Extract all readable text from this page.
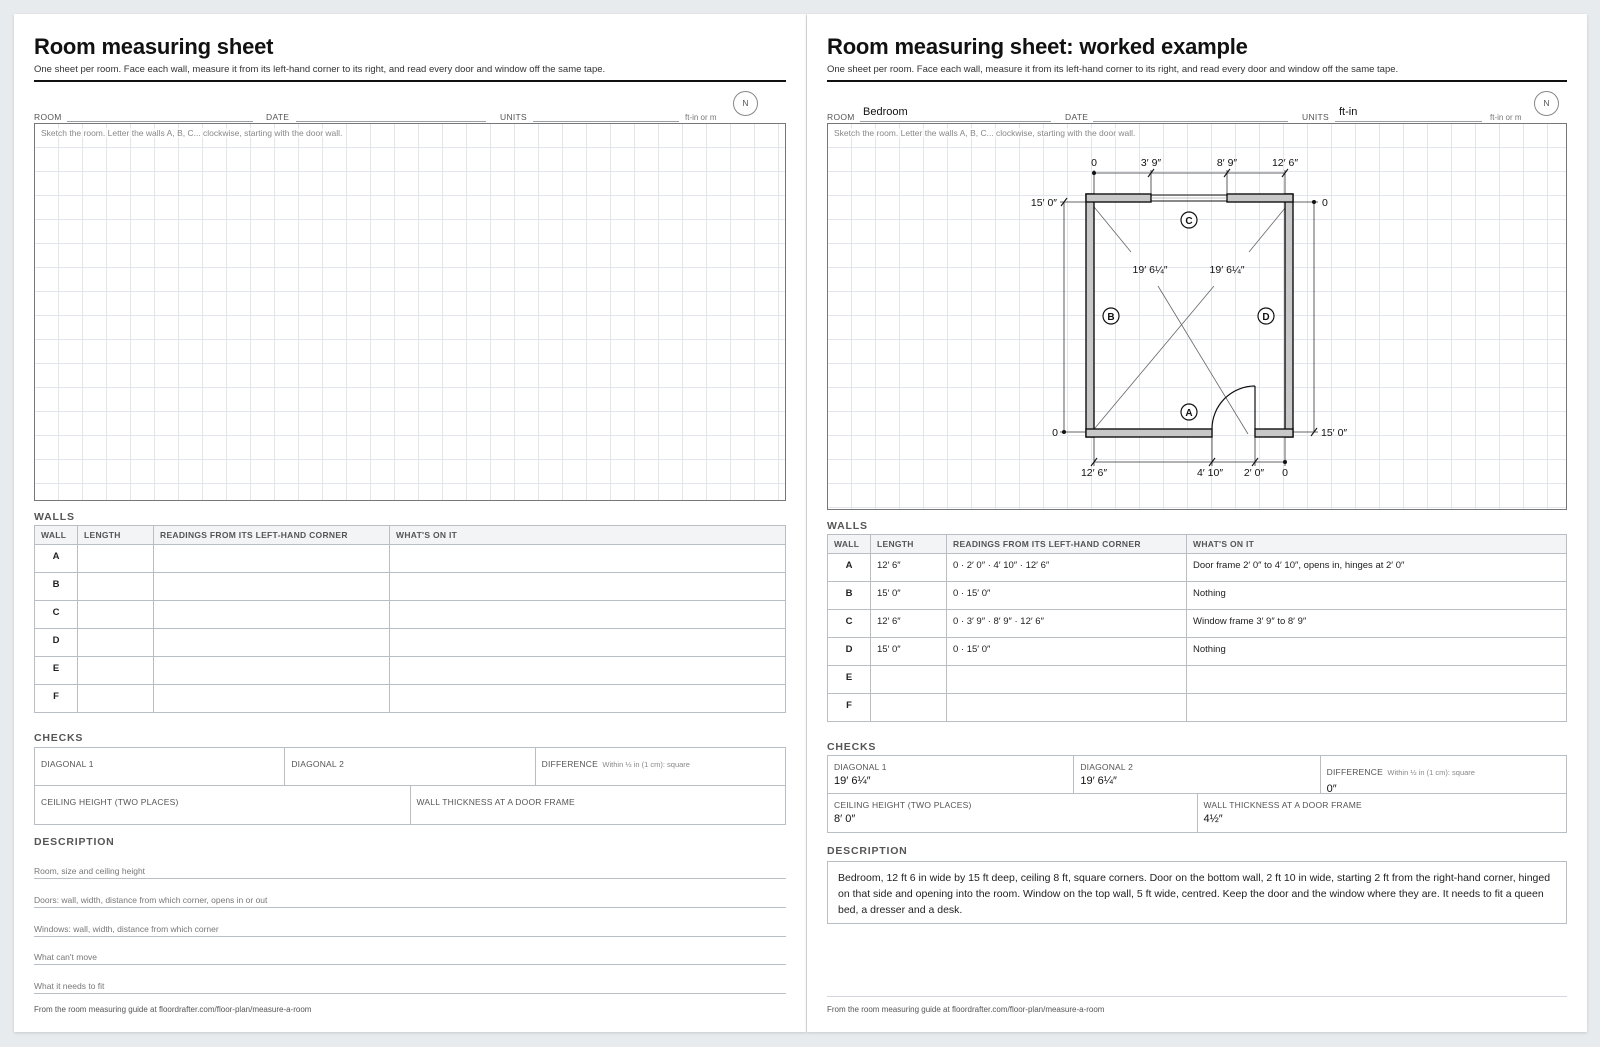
Room measuring sheet
One sheet per room. Face each wall, measure it from its left-hand corner to its right, and read every door and window off the same tape.
ROOM	DATE	UNITS	ft-in or m
N
Sketch the room. Letter the walls A, B, C... clockwise, starting with the door wall.
WALLS
WALL	LENGTH	READINGS FROM ITS LEFT-HAND CORNER	WHAT'S ON IT
A			
B			
C			
D			
E			
F			
CHECKS
DIAGONAL 1	DIAGONAL 2	DIFFERENCE Within ½ in (1 cm): square
CEILING HEIGHT (TWO PLACES)	WALL THICKNESS AT A DOOR FRAME
DESCRIPTION
Room, size and ceiling height
Doors: wall, width, distance from which corner, opens in or out
Windows: wall, width, distance from which corner
What can't move
What it needs to fit
From the room measuring guide at floordrafter.com/floor-plan/measure-a-room
Room measuring sheet: worked example
One sheet per room. Face each wall, measure it from its left-hand corner to its right, and read every door and window off the same tape.
ROOM Bedroom	DATE	UNITS ft-in	ft-in or m
N
Sketch the room. Letter the walls A, B, C... clockwise, starting with the door wall.
C
B	D
A
0	3′ 9″	8′ 9″	12′ 6″
12′ 6″	4′ 10″ 2′ 0″ 0
19′ 6¼″	19′ 6¼″
15′ 0″
0
0
15′ 0″
WALLS
WALL	LENGTH	READINGS FROM ITS LEFT-HAND CORNER	WHAT'S ON IT
A	12′ 6″	0 · 2′ 0″ · 4′ 10″ · 12′ 6″	Door frame 2′ 0″ to 4′ 10″, opens in, hinges at 2′ 0″
B	15′ 0″	0 · 15′ 0″	Nothing
C	12′ 6″	0 · 3′ 9″ · 8′ 9″ · 12′ 6″	Window frame 3′ 9″ to 8′ 9″
D	15′ 0″	0 · 15′ 0″	Nothing
E			
F			
CHECKS
DIAGONAL 1
19′ 6¼″
DIAGONAL 2
19′ 6¼″
DIFFERENCE Within ½ in (1 cm): square
0″
CEILING HEIGHT (TWO PLACES)
8′ 0″
WALL THICKNESS AT A DOOR FRAME
4½″
DESCRIPTION
Bedroom, 12 ft 6 in wide by 15 ft deep, ceiling 8 ft, square corners. Door on the bottom wall, 2 ft 10 in wide, starting 2 ft from the right-hand corner, hinged on that side and opening into the room. Window on the top wall, 5 ft wide, centred. Keep the door and the window where they are. It needs to fit a queen bed, a dresser and a desk.
From the room measuring guide at floordrafter.com/floor-plan/measure-a-room
